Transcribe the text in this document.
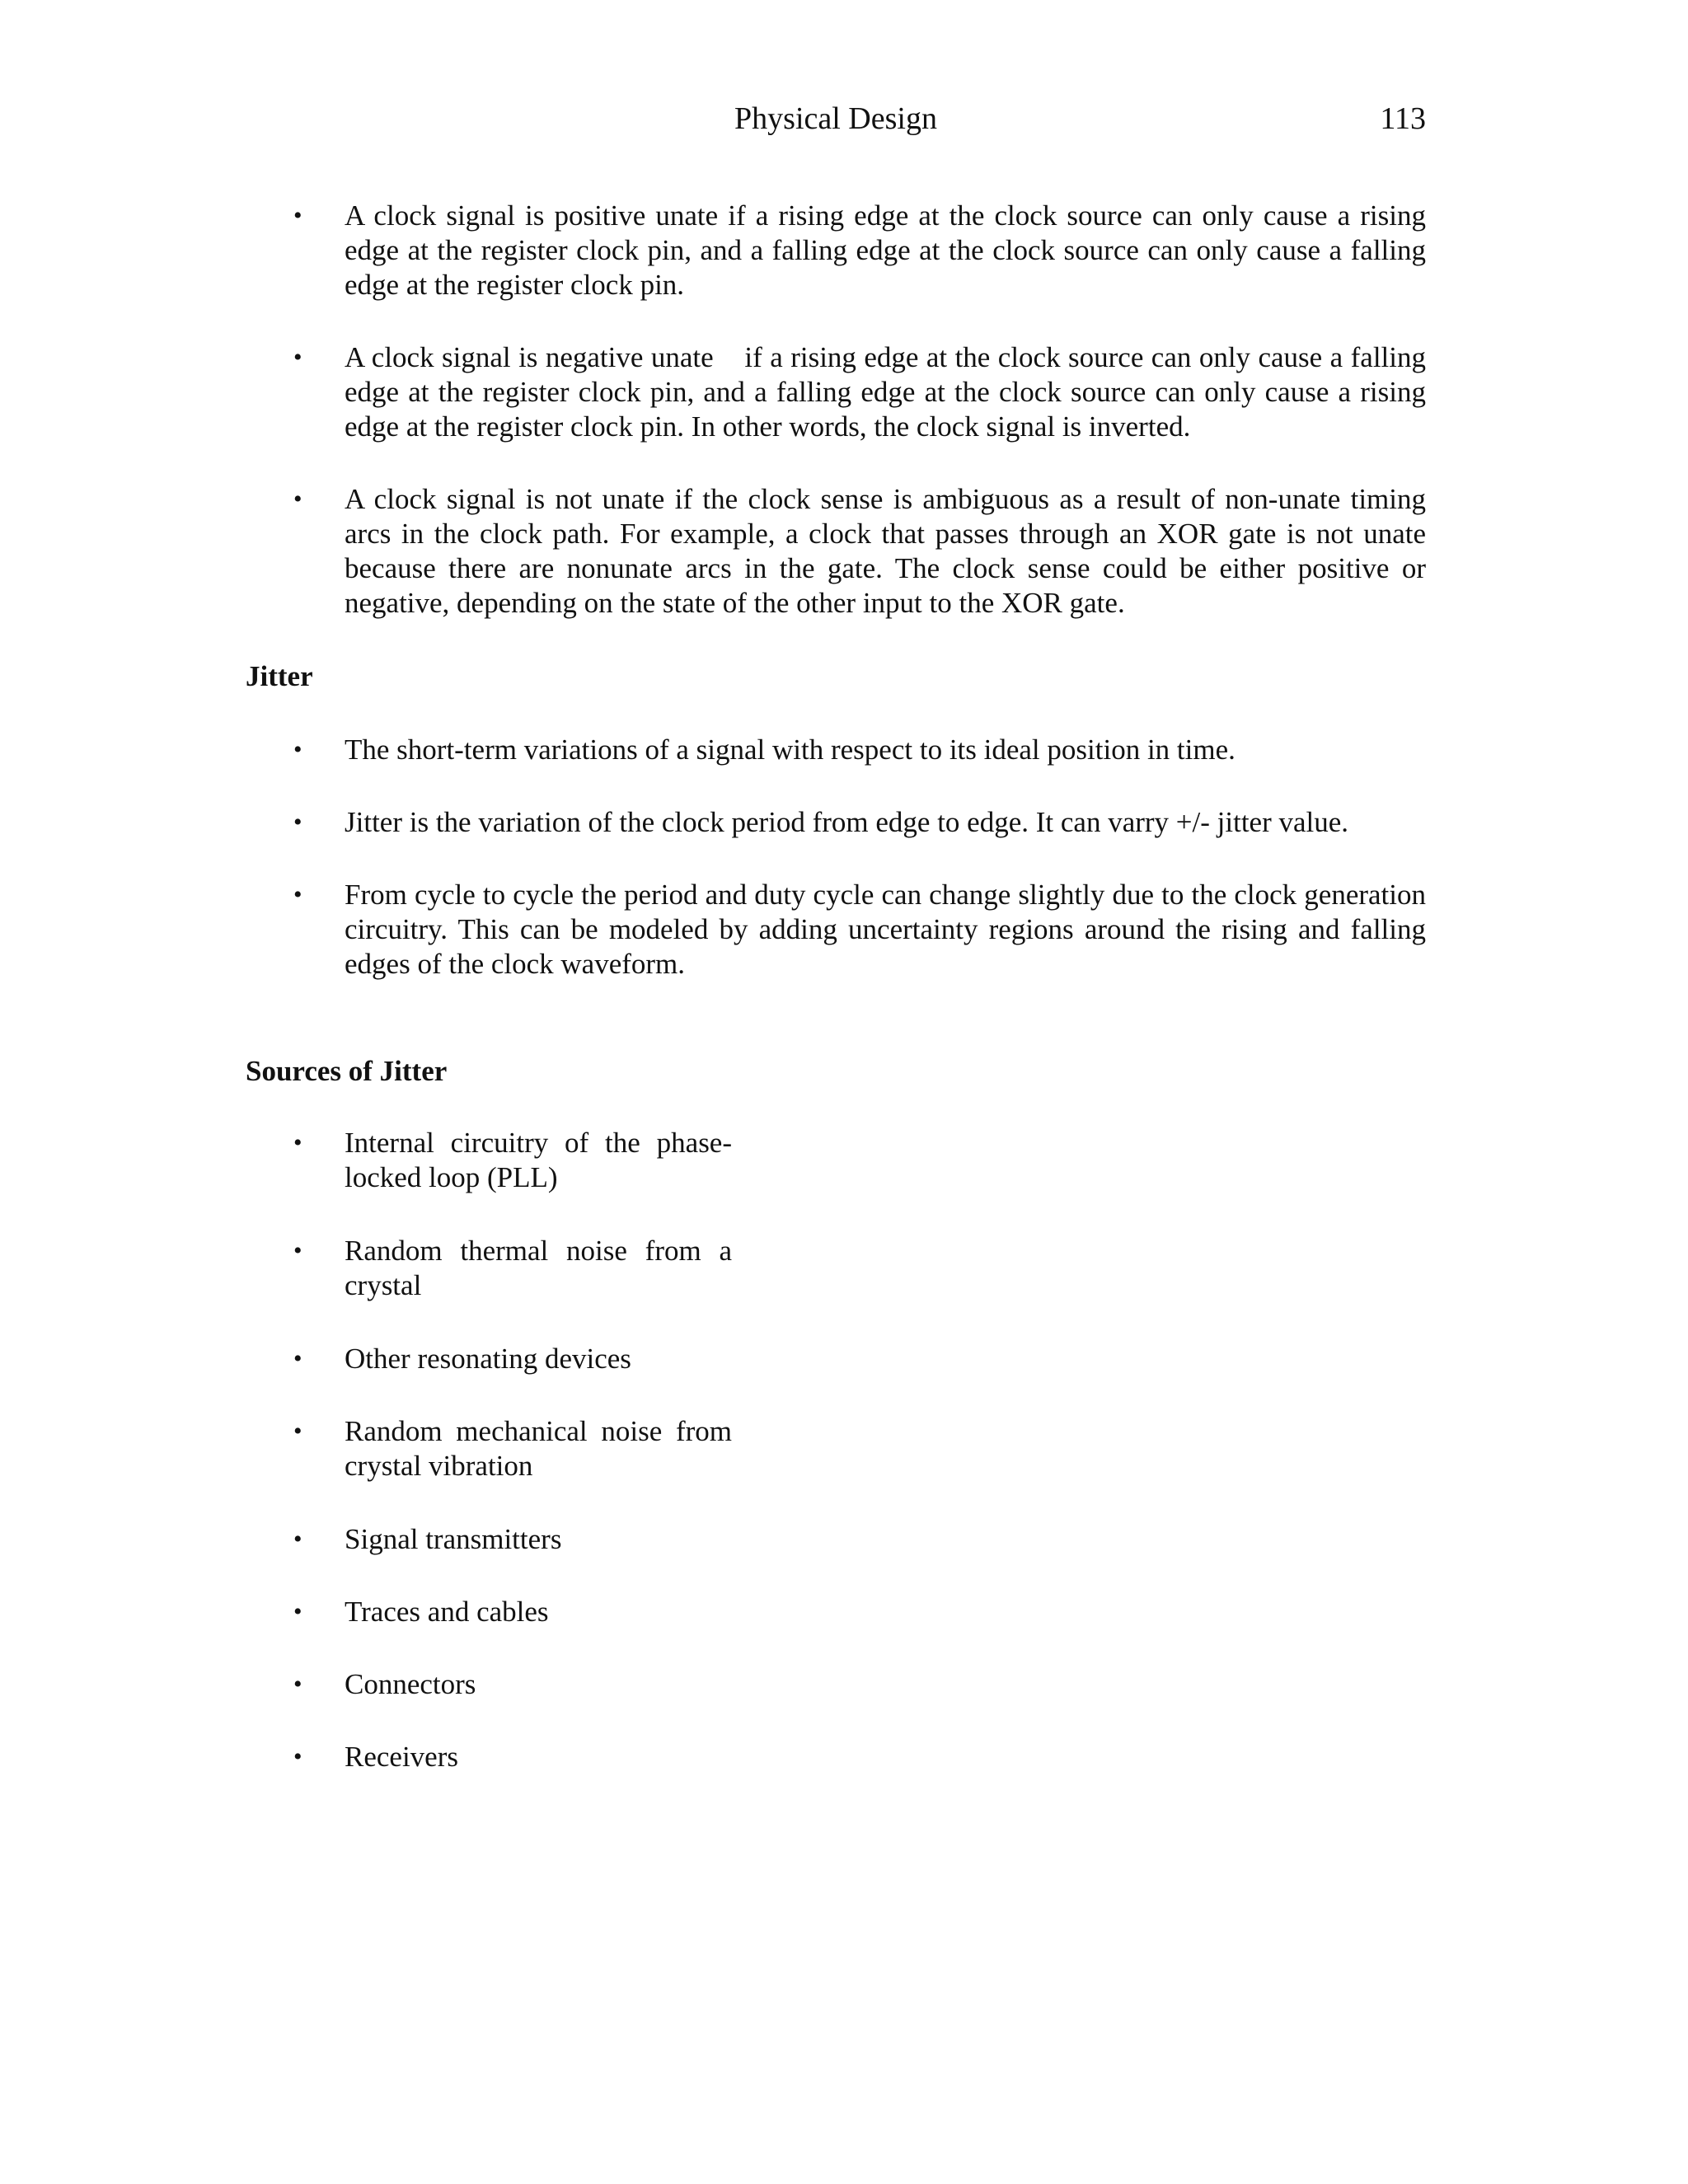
Physical Design	113
•	A clock signal is positive unate if a rising edge at the clock source can only cause a rising edge at the register clock pin, and a falling edge at the clock source can only cause a falling edge at the register clock pin.
•	A clock signal is negative unate    if a rising edge at the clock source can only cause a falling edge at the register clock pin, and a falling edge at the clock source can only cause a rising edge at the register clock pin. In other words, the clock signal is inverted.
•	A clock signal is not unate if the clock sense is ambiguous as a result of non-unate timing arcs in the clock path. For example, a clock that passes through an XOR gate is not unate because there are nonunate arcs in the gate. The clock sense could be either positive or negative, depending on the state of the other input to the XOR gate.
Jitter
•	The short-term variations of a signal with respect to its ideal position in time.
•	Jitter is the variation of the clock period from edge to edge. It can varry +/- jitter value.
•	From cycle to cycle the period and duty cycle can change slightly due to the clock generation circuitry. This can be modeled by adding uncertainty regions around the rising and falling edges of the clock waveform.
Sources of Jitter
•	Internal circuitry of the phase-locked loop (PLL)
•	Random thermal noise from a crystal
•	Other resonating devices
•	Random mechanical noise from crystal vibration
•	Signal transmitters
•	Traces and cables
•	Connectors
•	Receivers
